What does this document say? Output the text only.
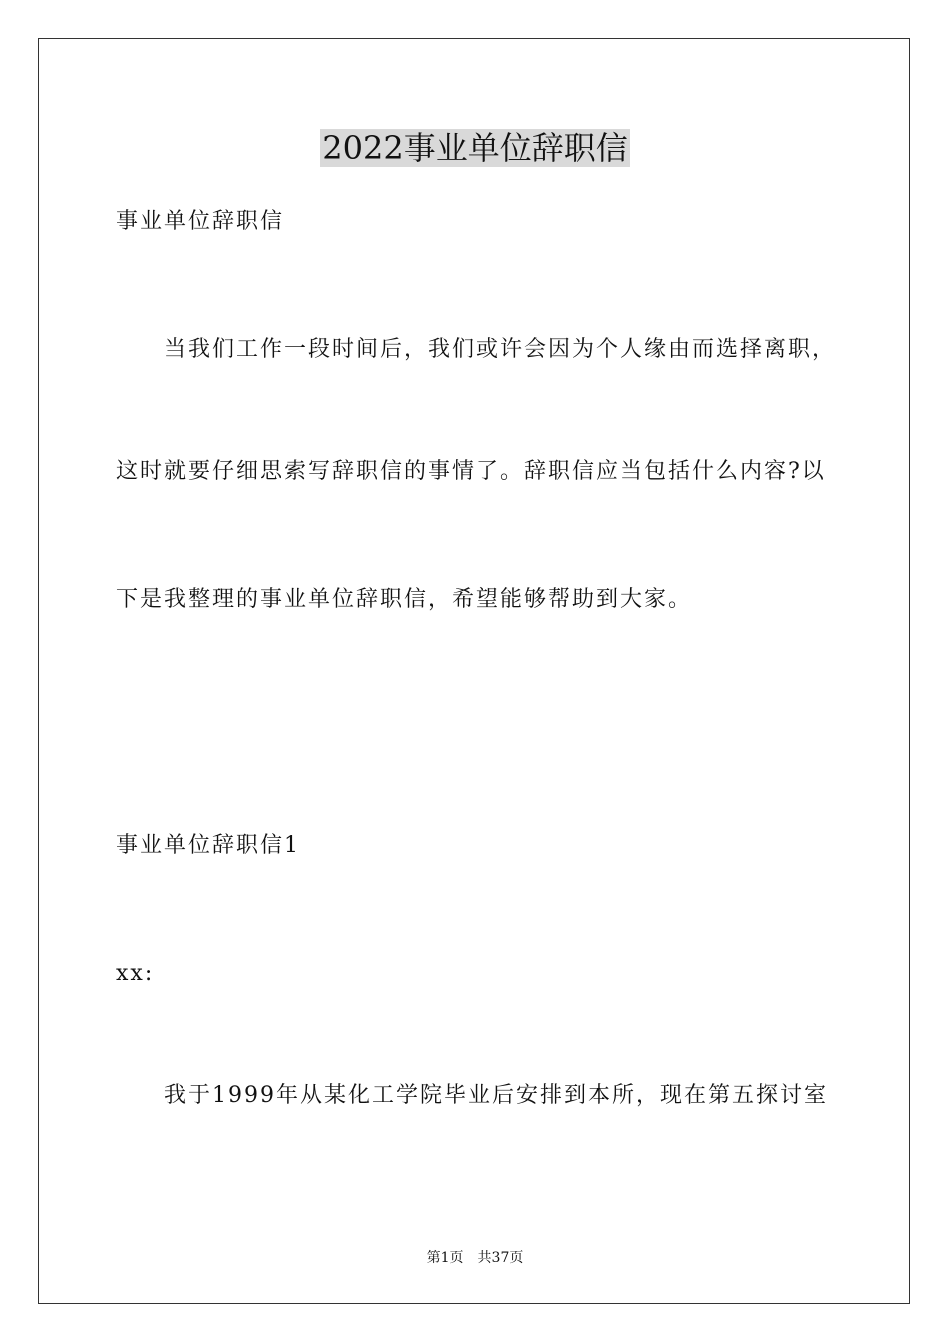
2022事业单位辞职信
事业单位辞职信
当我们工作一段时间后，我们或许会因为个人缘由而选择离职，
这时就要仔细思索写辞职信的事情了。辞职信应当包括什么内容?以
下是我整理的事业单位辞职信，希望能够帮助到大家。
事业单位辞职信1
xx:
我于1999年从某化工学院毕业后安排到本所，现在第五探讨室
第1页　共37页
